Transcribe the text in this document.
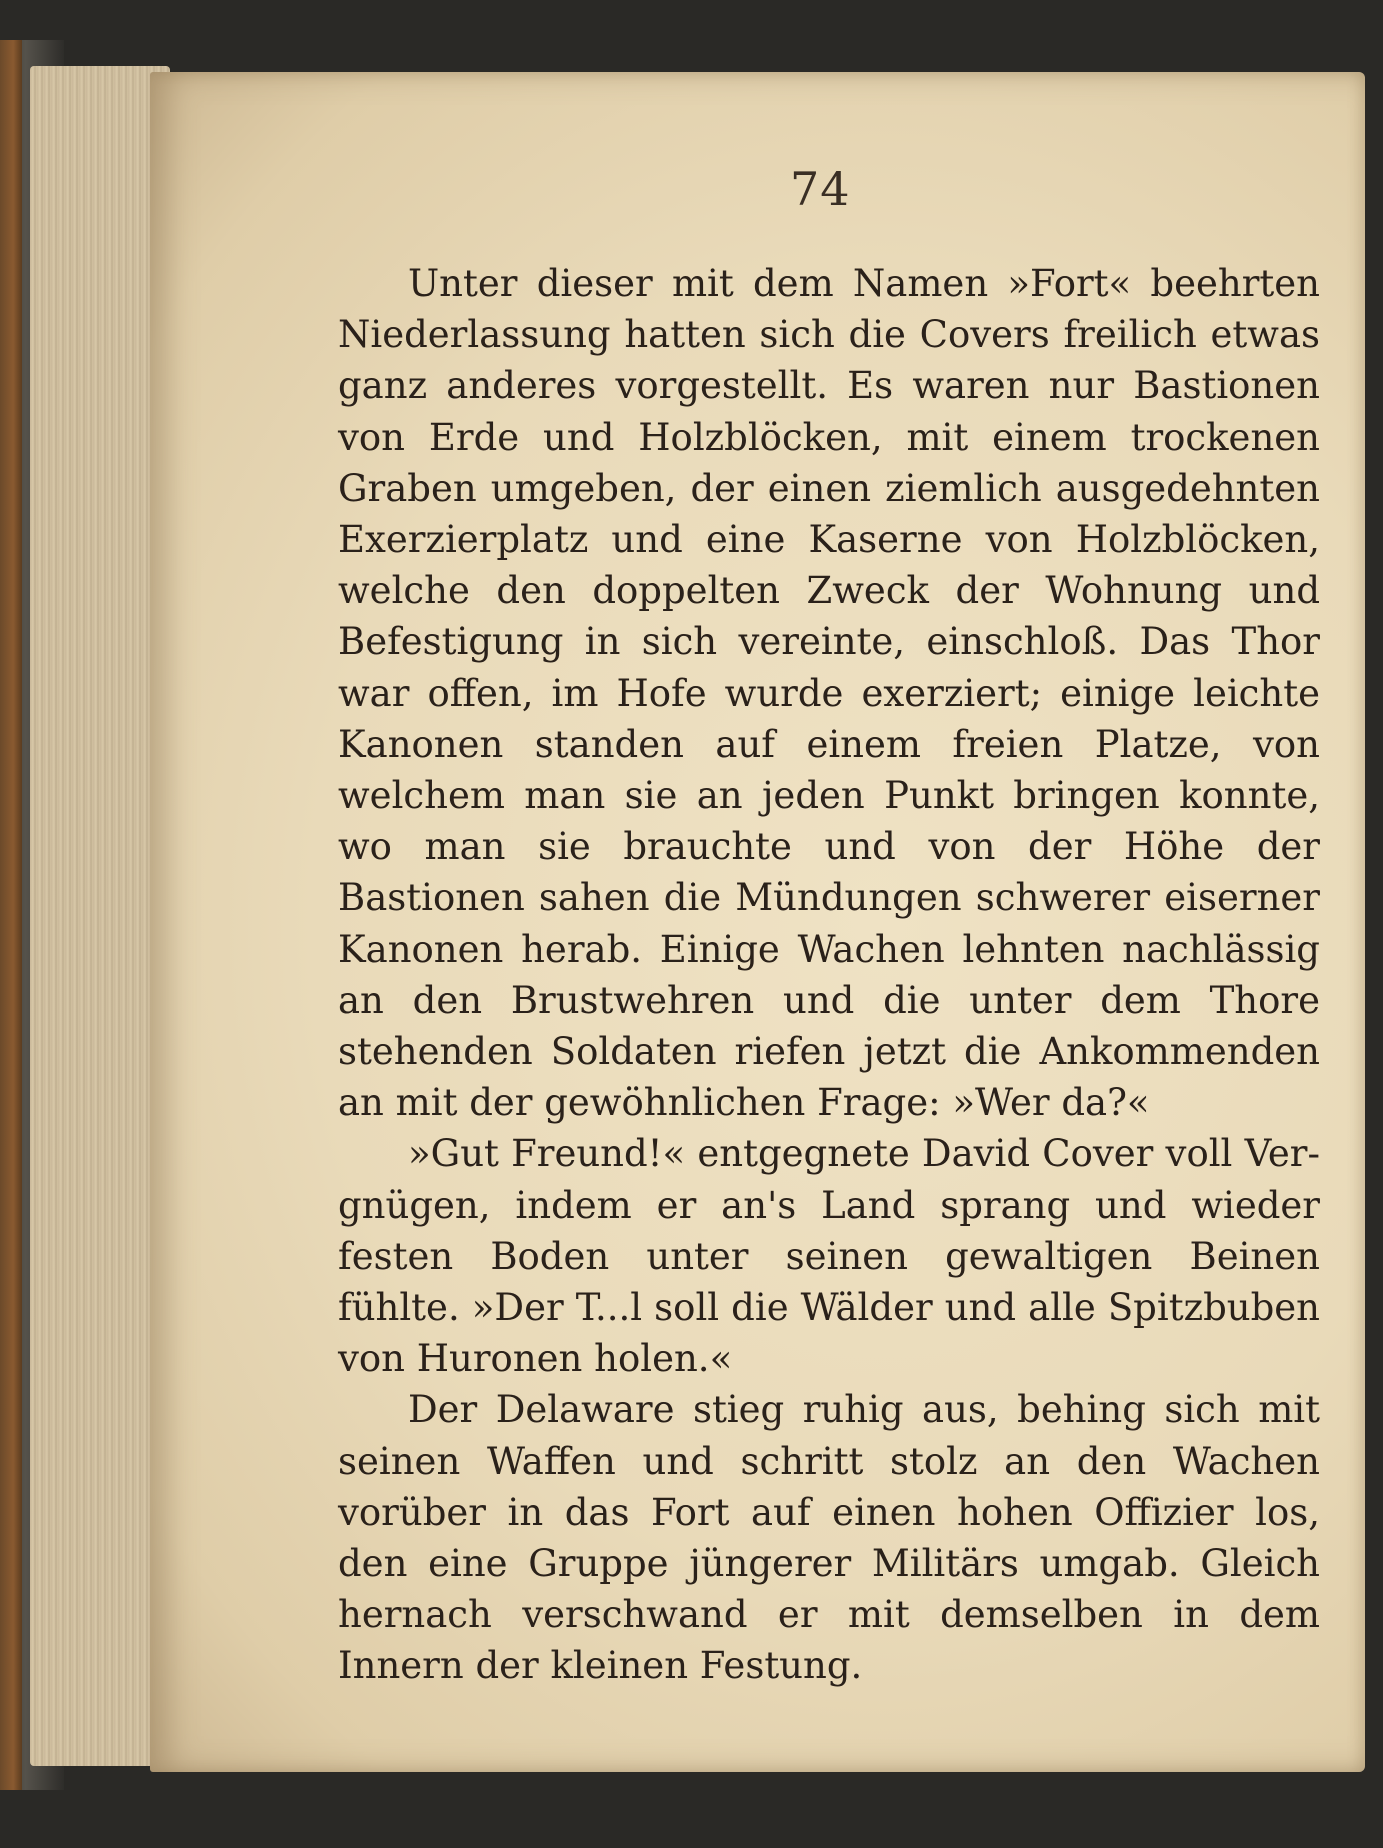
74

Unter dieser mit dem Namen »Fort« beehrten Niederlassung hatten sich die Covers freilich etwas ganz anderes vorgestellt. Es waren nur Bastionen von Erde und Holzblöcken, mit einem trockenen Graben umgeben, der einen ziemlich ausgedehnten Exerzierplatz und eine Kaserne von Holzblöcken, welche den doppelten Zweck der Wohnung und Befestigung in sich vereinte, einschloß. Das Thor war offen, im Hofe wurde exerziert; einige leichte Kanonen standen auf einem freien Platze, von welchem man sie an jeden Punkt bringen konnte, wo man sie brauchte und von der Höhe der Bastionen sahen die Mündungen schwerer eiserner Kanonen herab. Einige Wachen lehnten nachlässig an den Brustwehren und die unter dem Thore stehenden Soldaten riefen jetzt die Ankommenden an mit der gewöhnlichen Frage: »Wer da?«

»Gut Freund!« entgegnete David Cover voll Vergnügen, indem er an's Land sprang und wieder festen Boden unter seinen gewaltigen Beinen fühlte. »Der T...l soll die Wälder und alle Spitzbuben von Huronen holen.«

Der Delaware stieg ruhig aus, behing sich mit seinen Waffen und schritt stolz an den Wachen vorüber in das Fort auf einen hohen Offizier los, den eine Gruppe jüngerer Militärs umgab. Gleich hernach verschwand er mit demselben in dem Innern der kleinen Festung.
